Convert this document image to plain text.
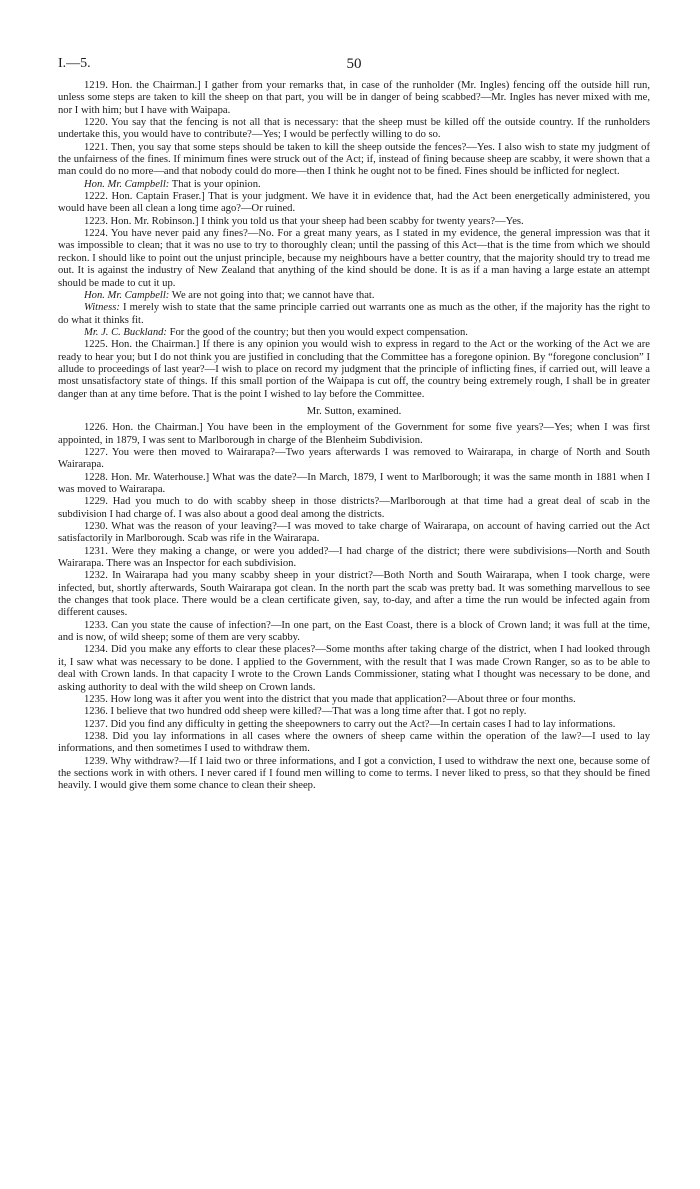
I.—5.	50

1219. Hon. the Chairman.] I gather from your remarks that, in case of the runholder (Mr. Ingles) fencing off the outside hill run, unless some steps are taken to kill the sheep on that part, you will be in danger of being scabbed?—Mr. Ingles has never mixed with me, nor I with him; but I have with Waipapa.

1220. You say that the fencing is not all that is necessary: that the sheep must be killed off the outside country. If the runholders undertake this, you would have to contribute?—Yes; I would be perfectly willing to do so.

1221. Then, you say that some steps should be taken to kill the sheep outside the fences?—Yes. I also wish to state my judgment of the unfairness of the fines. If minimum fines were struck out of the Act; if, instead of fining because sheep are scabby, it were shown that a man could do no more—and that nobody could do more—then I think he ought not to be fined. Fines should be inflicted for neglect.

Hon. Mr. Campbell: That is your opinion.

1222. Hon. Captain Fraser.] That is your judgment. We have it in evidence that, had the Act been energetically administered, you would have been all clean a long time ago?—Or ruined.

1223. Hon. Mr. Robinson.] I think you told us that your sheep had been scabby for twenty years?—Yes.

1224. You have never paid any fines?—No. For a great many years, as I stated in my evidence, the general impression was that it was impossible to clean; that it was no use to try to thoroughly clean; until the passing of this Act—that is the time from which we should reckon. I should like to point out the unjust principle, because my neighbours have a better country, that the majority should try to tread me out. It is against the industry of New Zealand that anything of the kind should be done. It is as if a man having a large estate an attempt should be made to cut it up.

Hon. Mr. Campbell: We are not going into that; we cannot have that.

Witness: I merely wish to state that the same principle carried out warrants one as much as the other, if the majority has the right to do what it thinks fit.

Mr. J. C. Buckland: For the good of the country; but then you would expect compensation.

1225. Hon. the Chairman.] If there is any opinion you would wish to express in regard to the Act or the working of the Act we are ready to hear you; but I do not think you are justified in concluding that the Committee has a foregone opinion. By “foregone conclusion” I allude to proceedings of last year?—I wish to place on record my judgment that the principle of inflicting fines, if carried out, will leave a most unsatisfactory state of things. If this small portion of the Waipapa is cut off, the country being extremely rough, I shall be in greater danger than at any time before. That is the point I wished to lay before the Committee.

Mr. Sutton, examined.

1226. Hon. the Chairman.] You have been in the employment of the Government for some five years?—Yes; when I was first appointed, in 1879, I was sent to Marlborough in charge of the Blenheim Subdivision.

1227. You were then moved to Wairarapa?—Two years afterwards I was removed to Wairarapa, in charge of North and South Wairarapa.

1228. Hon. Mr. Waterhouse.] What was the date?—In March, 1879, I went to Marlborough; it was the same month in 1881 when I was moved to Wairarapa.

1229. Had you much to do with scabby sheep in those districts?—Marlborough at that time had a great deal of scab in the subdivision I had charge of. I was also about a good deal among the districts.

1230. What was the reason of your leaving?—I was moved to take charge of Wairarapa, on account of having carried out the Act satisfactorily in Marlborough. Scab was rife in the Wairarapa.

1231. Were they making a change, or were you added?—I had charge of the district; there were subdivisions—North and South Wairarapa. There was an Inspector for each subdivision.

1232. In Wairarapa had you many scabby sheep in your district?—Both North and South Wairarapa, when I took charge, were infected, but, shortly afterwards, South Wairarapa got clean. In the north part the scab was pretty bad. It was something marvellous to see the changes that took place. There would be a clean certificate given, say, to-day, and after a time the run would be infected again from different causes.

1233. Can you state the cause of infection?—In one part, on the East Coast, there is a block of Crown land; it was full at the time, and is now, of wild sheep; some of them are very scabby.

1234. Did you make any efforts to clear these places?—Some months after taking charge of the district, when I had looked through it, I saw what was necessary to be done. I applied to the Government, with the result that I was made Crown Ranger, so as to be able to deal with Crown lands. In that capacity I wrote to the Crown Lands Commissioner, stating what I thought was necessary to be done, and asking authority to deal with the wild sheep on Crown lands.

1235. How long was it after you went into the district that you made that application?—About three or four months.

1236. I believe that two hundred odd sheep were killed?—That was a long time after that. I got no reply.

1237. Did you find any difficulty in getting the sheepowners to carry out the Act?—In certain cases I had to lay informations.

1238. Did you lay informations in all cases where the owners of sheep came within the operation of the law?—I used to lay informations, and then sometimes I used to withdraw them.

1239. Why withdraw?—If I laid two or three informations, and I got a conviction, I used to withdraw the next one, because some of the sections work in with others. I never cared if I found men willing to come to terms. I never liked to press, so that they should be fined heavily. I would give them some chance to clean their sheep.
